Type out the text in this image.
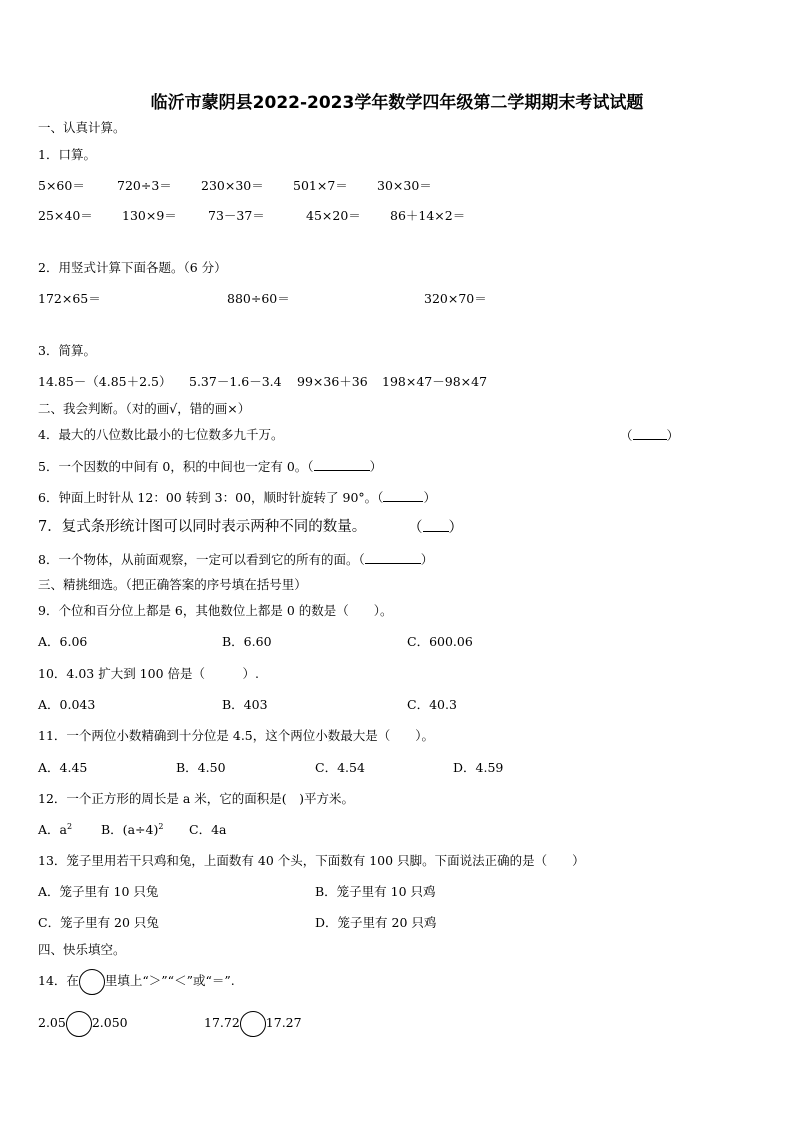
临沂市蒙阴县2022-2023学年数学四年级第二学期期末考试试题
一、认真计算。
1．口算。
5×60＝	720÷3＝ 230×30＝ 501×7＝ 30×30＝
25×40＝ 130×9＝ 73－37＝	45×20＝ 86＋14×2＝
2．用竖式计算下面各题。（6 分）
172×65＝	880÷60＝	320×70＝
3．简算。
14.85－（4.85＋2.5） 5.37－1.6－3.4 99×36＋36 198×47－98×47
二、我会判断。（对的画√，错的画×）
4．最大的八位数比最小的七位数多九千万。	（	）
5．一个因数的中间有 0，积的中间也一定有 0。（	）
6．钟面上时针从 12：00 转到 3：00，顺时针旋转了 90°。（	）
7．复式条形统计图可以同时表示两种不同的数量。	（ ）
8．一个物体，从前面观察，一定可以看到它的所有的面。（	）
三、精挑细选。（把正确答案的序号填在括号里）
9．个位和百分位上都是 6，其他数位上都是 0 的数是（　　）。
A．6.06	B．6.60	C．600.06
10．4.03 扩大到 100 倍是（　　　）.
A．0.043	B．403	C．40.3
11．一个两位小数精确到十分位是 4.5，这个两位小数最大是（　　）。
A．4.45	B．4.50	C．4.54	D．4.59
12．一个正方形的周长是 a 米，它的面积是(　)平方米。
A．$a^2$ B．$(a\div 4)^2$ C．4a
13．笼子里用若干只鸡和兔，上面数有 40 个头，下面数有 100 只脚。下面说法正确的是（　　）
A．笼子里有 10 只兔	B．笼子里有 10 只鸡
C．笼子里有 20 只兔	D．笼子里有 20 只鸡
四、快乐填空。
14．在 里填上“＞”“＜”或“＝”.
2.05 2.050	17.72 17.27
